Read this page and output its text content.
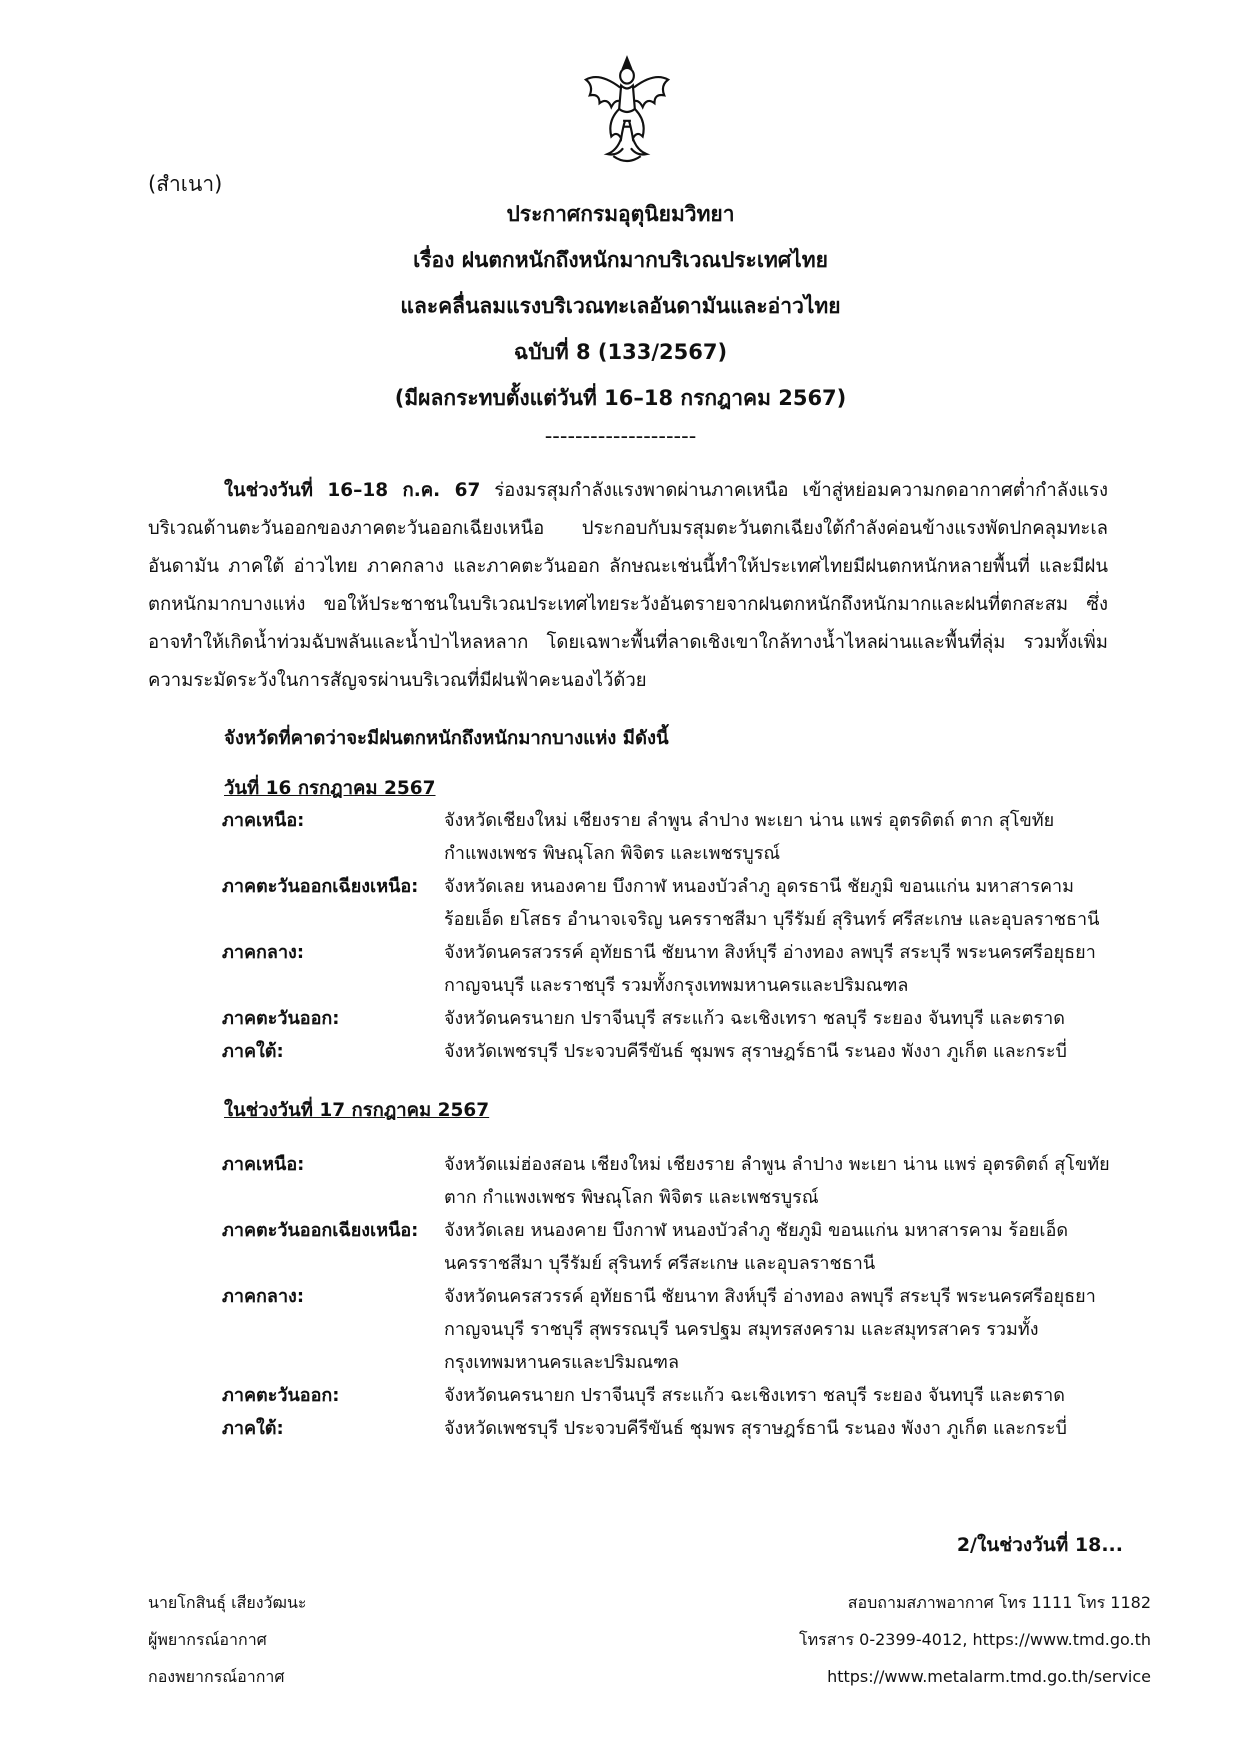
(สำเนา)
ประกาศกรมอุตุนิยมวิทยา
เรื่อง ฝนตกหนักถึงหนักมากบริเวณประเทศไทย
และคลื่นลมแรงบริเวณทะเลอันดามันและอ่าวไทย
ฉบับที่ 8 (133/2567)
(มีผลกระทบตั้งแต่วันที่ 16–18 กรกฎาคม 2567)
--------------------
ในช่วงวันที่ 16–18 ก.ค. 67 ร่องมรสุมกำลังแรงพาดผ่านภาคเหนือ เข้าสู่หย่อมความกดอากาศต่ำกำลังแรงบริเวณด้านตะวันออกของภาคตะวันออกเฉียงเหนือ ประกอบกับมรสุมตะวันตกเฉียงใต้กำลังค่อนข้างแรงพัดปกคลุมทะเลอันดามัน ภาคใต้ อ่าวไทย ภาคกลาง และภาคตะวันออก ลักษณะเช่นนี้ทำให้ประเทศไทยมีฝนตกหนักหลายพื้นที่ และมีฝนตกหนักมากบางแห่ง ขอให้ประชาชนในบริเวณประเทศไทยระวังอันตรายจากฝนตกหนักถึงหนักมากและฝนที่ตกสะสม ซึ่งอาจทำให้เกิดน้ำท่วมฉับพลันและน้ำป่าไหลหลาก โดยเฉพาะพื้นที่ลาดเชิงเขาใกล้ทางน้ำไหลผ่านและพื้นที่ลุ่ม รวมทั้งเพิ่มความระมัดระวังในการสัญจรผ่านบริเวณที่มีฝนฟ้าคะนองไว้ด้วย
จังหวัดที่คาดว่าจะมีฝนตกหนักถึงหนักมากบางแห่ง มีดังนี้
วันที่ 16 กรกฎาคม 2567
ภาคเหนือ:	จังหวัดเชียงใหม่ เชียงราย ลำพูน ลำปาง พะเยา น่าน แพร่ อุตรดิตถ์ ตาก สุโขทัย กำแพงเพชร พิษณุโลก พิจิตร และเพชรบูรณ์
ภาคตะวันออกเฉียงเหนือ: จังหวัดเลย หนองคาย บึงกาฬ หนองบัวลำภู อุดรธานี ชัยภูมิ ขอนแก่น มหาสารคาม ร้อยเอ็ด ยโสธร อำนาจเจริญ นครราชสีมา บุรีรัมย์ สุรินทร์ ศรีสะเกษ และอุบลราชธานี
ภาคกลาง:	จังหวัดนครสวรรค์ อุทัยธานี ชัยนาท สิงห์บุรี อ่างทอง ลพบุรี สระบุรี พระนครศรีอยุธยา กาญจนบุรี และราชบุรี รวมทั้งกรุงเทพมหานครและปริมณฑล
ภาคตะวันออก:	จังหวัดนครนายก ปราจีนบุรี สระแก้ว ฉะเชิงเทรา ชลบุรี ระยอง จันทบุรี และตราด
ภาคใต้:	จังหวัดเพชรบุรี ประจวบคีรีขันธ์ ชุมพร สุราษฎร์ธานี ระนอง พังงา ภูเก็ต และกระบี่
ในช่วงวันที่ 17 กรกฎาคม 2567
ภาคเหนือ:	จังหวัดแม่ฮ่องสอน เชียงใหม่ เชียงราย ลำพูน ลำปาง พะเยา น่าน แพร่ อุตรดิตถ์ สุโขทัย ตาก กำแพงเพชร พิษณุโลก พิจิตร และเพชรบูรณ์
ภาคตะวันออกเฉียงเหนือ: จังหวัดเลย หนองคาย บึงกาฬ หนองบัวลำภู ชัยภูมิ ขอนแก่น มหาสารคาม ร้อยเอ็ด นครราชสีมา บุรีรัมย์ สุรินทร์ ศรีสะเกษ และอุบลราชธานี
ภาคกลาง:	จังหวัดนครสวรรค์ อุทัยธานี ชัยนาท สิงห์บุรี อ่างทอง ลพบุรี สระบุรี พระนครศรีอยุธยา กาญจนบุรี ราชบุรี สุพรรณบุรี นครปฐม สมุทรสงคราม และสมุทรสาคร รวมทั้งกรุงเทพมหานครและปริมณฑล
ภาคตะวันออก:	จังหวัดนครนายก ปราจีนบุรี สระแก้ว ฉะเชิงเทรา ชลบุรี ระยอง จันทบุรี และตราด
ภาคใต้:	จังหวัดเพชรบุรี ประจวบคีรีขันธ์ ชุมพร สุราษฎร์ธานี ระนอง พังงา ภูเก็ต และกระบี่
2/ในช่วงวันที่ 18...
นายโกสินธุ์ เสียงวัฒนะ
ผู้พยากรณ์อากาศ
กองพยากรณ์อากาศ
สอบถามสภาพอากาศ โทร 1111 โทร 1182
โทรสาร 0-2399-4012, https://www.tmd.go.th
https://www.metalarm.tmd.go.th/service
